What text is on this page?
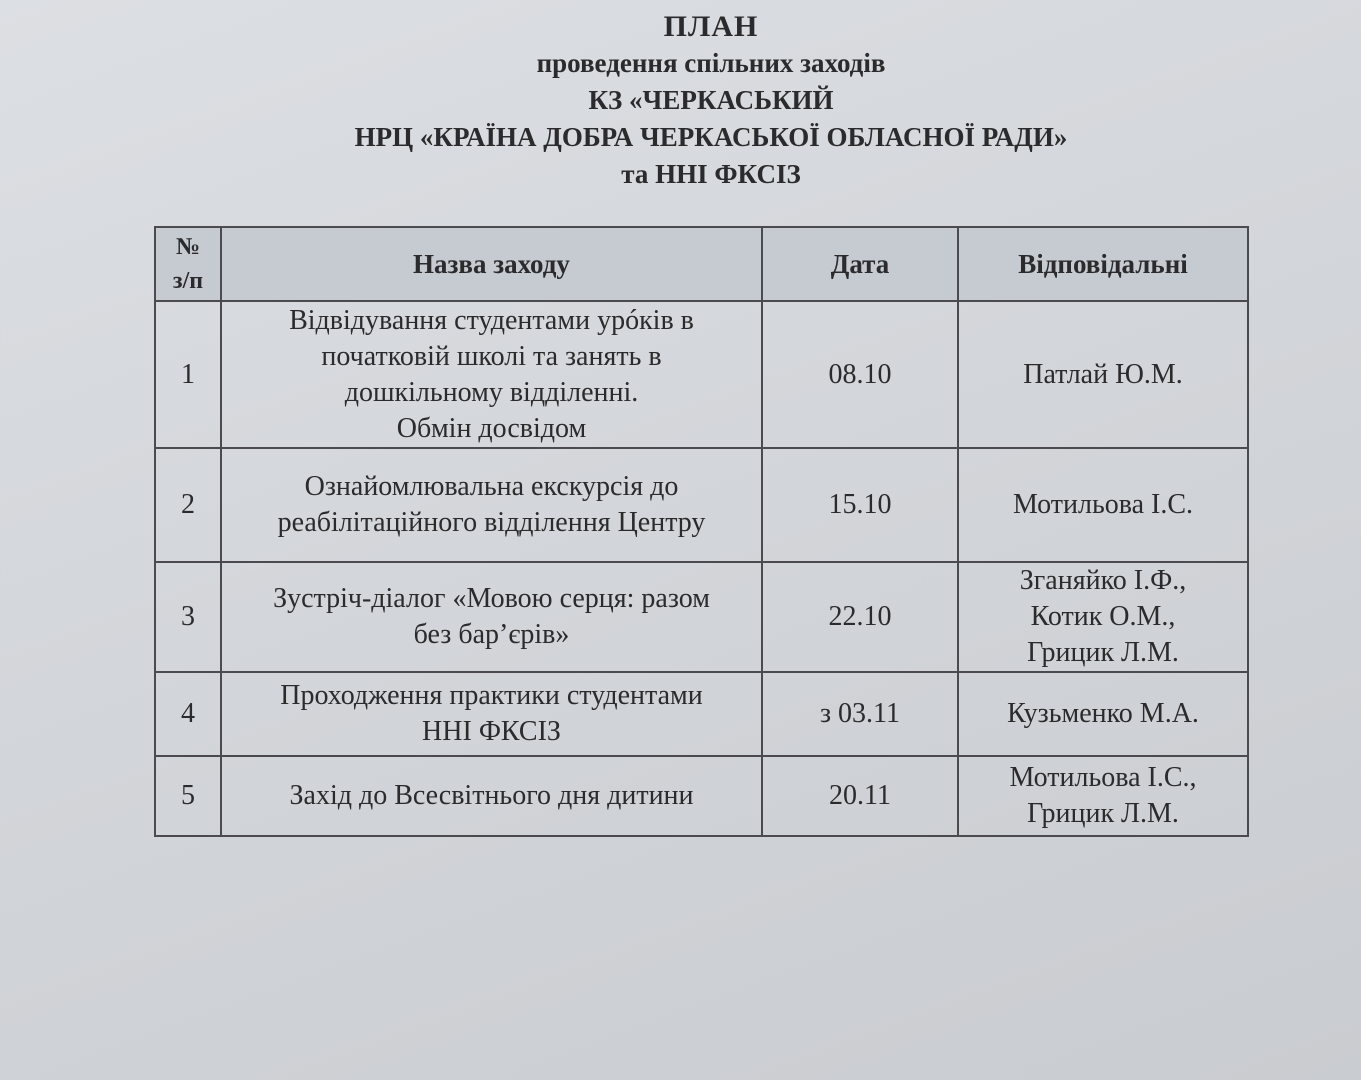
ПЛАН
проведення спільних заходів
КЗ «ЧЕРКАСЬКИЙ
НРЦ «КРАЇНА ДОБРА ЧЕРКАСЬКОЇ ОБЛАСНОЇ РАДИ»
та ННІ ФКСІЗ
№
з/п	Назва заходу	Дата	Відповідальні
1	Відвідування студентами урóків в
початковій школі та занять в
дошкільному відділенні.
Обмін досвідом	08.10	Патлай Ю.М.
2	Ознайомлювальна екскурсія до
реабілітаційного відділення Центру	15.10	Мотильова І.С.
3	Зустріч-діалог «Мовою серця: разом
без бар’єрів»	22.10	Зганяйко І.Ф.,
Котик О.М.,
Грицик Л.М.
4	Проходження практики студентами
ННІ ФКСІЗ	з 03.11	Кузьменко М.А.
5	Захід до Всесвітнього дня дитини	20.11	Мотильова І.С.,
Грицик Л.М.
